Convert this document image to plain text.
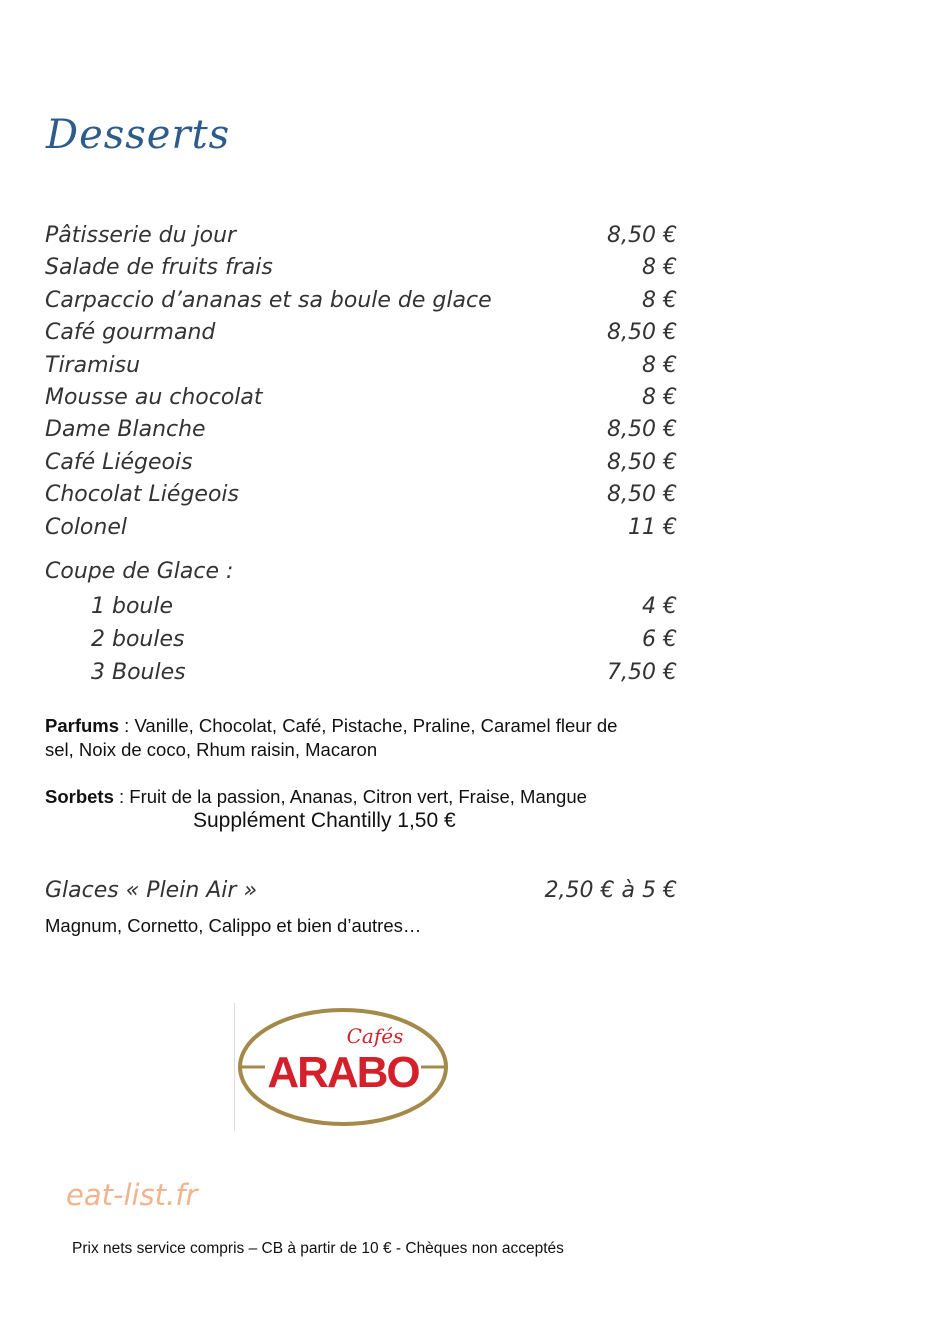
Desserts
Pâtisserie du jour	8,50 €
Salade de fruits frais	8 €
Carpaccio d’ananas et sa boule de glace	8 €
Café gourmand	8,50 €
Tiramisu	8 €
Mousse au chocolat	8 €
Dame Blanche	8,50 €
Café Liégeois	8,50 €
Chocolat Liégeois	8,50 €
Colonel	11 €
Coupe de Glace :
1 boule	4 €
2 boules	6 €
3 Boules	7,50 €
Parfums : Vanille, Chocolat, Café, Pistache, Praline, Caramel fleur de sel, Noix de coco, Rhum raisin, Macaron
Sorbets : Fruit de la passion, Ananas, Citron vert, Fraise, Mangue
Supplément Chantilly 1,50 €
Glaces « Plein Air »	2,50 € à 5 €
Magnum, Cornetto, Calippo et bien d’autres…
Cafés
ARABO
eat-list.fr
Prix nets service compris – CB à partir de 10 € - Chèques non acceptés
